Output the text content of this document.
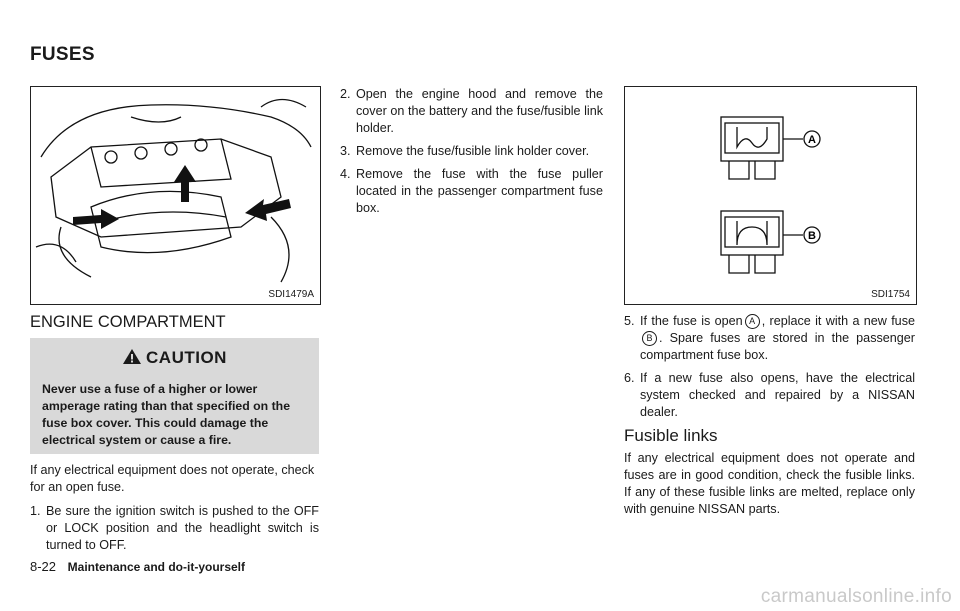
FUSES
SDI1479A
ENGINE COMPARTMENT
CAUTION
Never use a fuse of a higher or lower amperage rating than that specified on the fuse box cover. This could damage the electrical system or cause a fire.

If any electrical equipment does not operate, check for an open fuse.

1. Be sure the ignition switch is pushed to the OFF or LOCK position and the headlight switch is turned to OFF.
2. Open the engine hood and remove the cover on the battery and the fuse/fusible link holder.
3. Remove the fuse/fusible link holder cover.
4. Remove the fuse with the fuse puller located in the passenger compartment fuse box.
A
B
SDI1754
5. If the fuse is open A , replace it with a new fuseB . Spare fuses are stored in the passenger compartment fuse box.
6. If a new fuse also opens, have the electrical system checked and repaired by a NISSAN dealer.

Fusible links

If any electrical equipment does not operate and fuses are in good condition, check the fusible links. If any of these fusible links are melted, replace only with genuine NISSAN parts.

8-22 Maintenance and do-it-yourself
carmanualsonline.info
